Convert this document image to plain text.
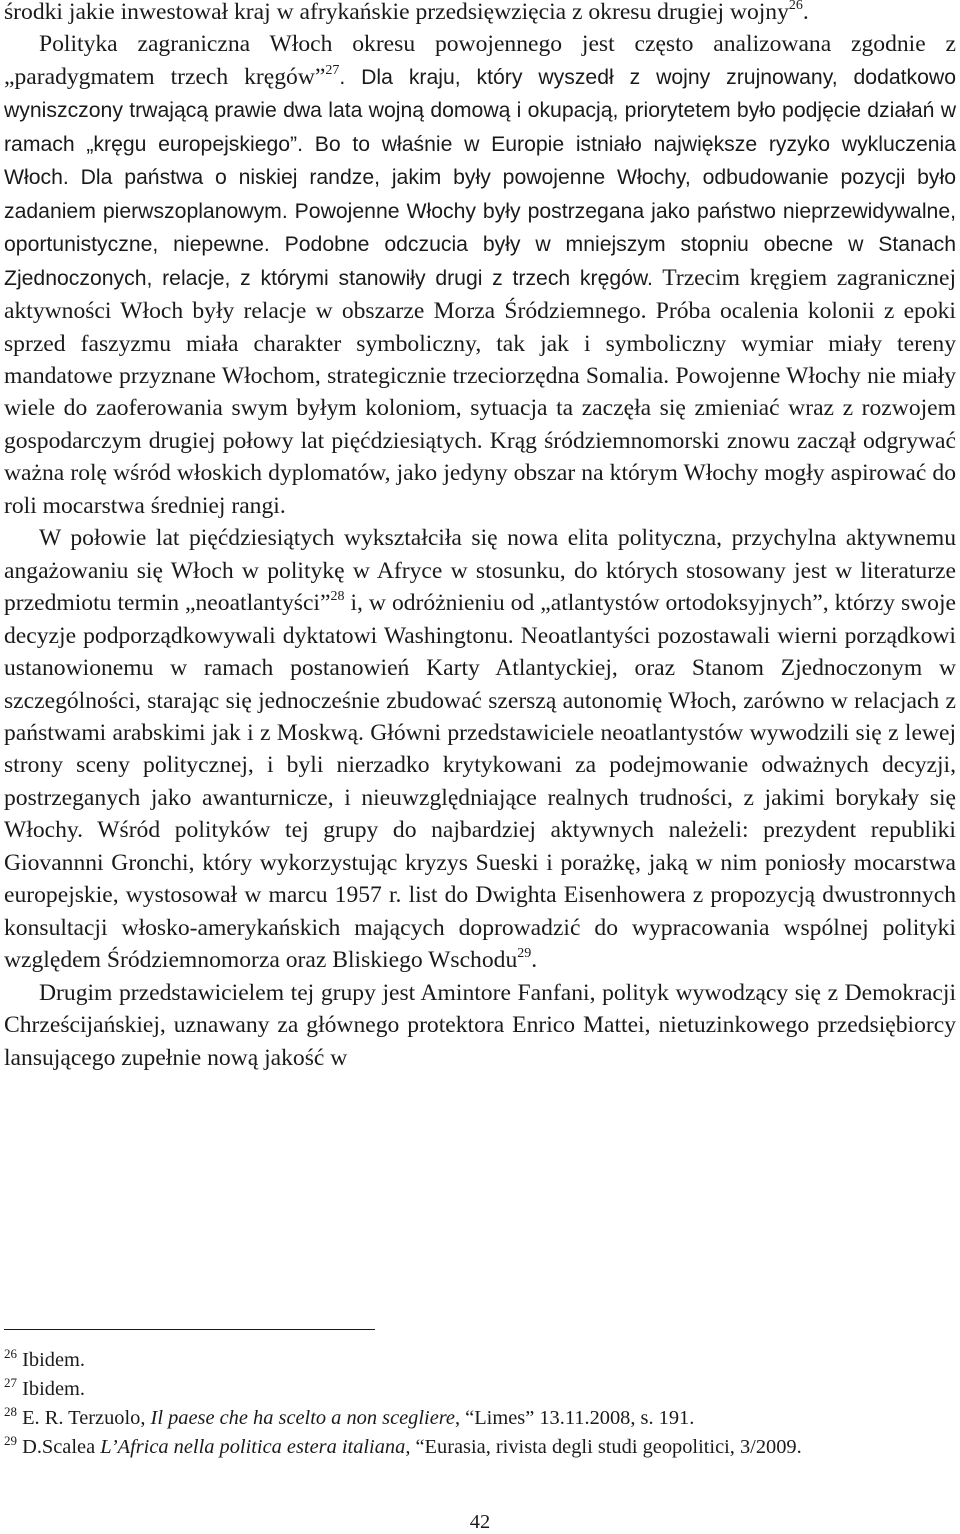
środki jakie inwestował kraj w afrykańskie przedsięwzięcia z okresu drugiej wojny$^{26}$.

Polityka zagraniczna Włoch okresu powojennego jest często analizowana zgodnie z „paradygmatem trzech kręgów”$^{27}$. Dla kraju, który wyszedł z wojny zrujnowany, dodatkowo wyniszczony trwającą prawie dwa lata wojną domową i okupacją, priorytetem było podjęcie działań w ramach „kręgu europejskiego”. Bo to właśnie w Europie istniało największe ryzyko wykluczenia Włoch. Dla państwa o niskiej randze, jakim były powojenne Włochy, odbudowanie pozycji było zadaniem pierwszoplanowym. Powojenne Włochy były postrzegana jako państwo nieprzewidywalne, oportunistyczne, niepewne. Podobne odczucia były w mniejszym stopniu obecne w Stanach Zjednoczonych, relacje, z którymi stanowiły drugi z trzech kręgów. Trzecim kręgiem zagranicznej aktywności Włoch były relacje w obszarze Morza Śródziemnego. Próba ocalenia kolonii z epoki sprzed faszyzmu miała charakter symboliczny, tak jak i symboliczny wymiar miały tereny mandatowe przyznane Włochom, strategicznie trzeciorzędna Somalia. Powojenne Włochy nie miały wiele do zaoferowania swym byłym koloniom, sytuacja ta zaczęła się zmieniać wraz z rozwojem gospodarczym drugiej połowy lat pięćdziesiątych. Krąg śródziemnomorski znowu zaczął odgrywać ważna rolę wśród włoskich dyplomatów, jako jedyny obszar na którym Włochy mogły aspirować do roli mocarstwa średniej rangi.

W połowie lat pięćdziesiątych wykształciła się nowa elita polityczna, przychylna aktywnemu angażowaniu się Włoch w politykę w Afryce w stosunku, do których stosowany jest w literaturze przedmiotu termin „neoatlantyści”$^{28}$ i, w odróżnieniu od „atlantystów ortodoksyjnych”, którzy swoje decyzje podporządkowywali dyktatowi Washingtonu. Neoatlantyści pozostawali wierni porządkowi ustanowionemu w ramach postanowień Karty Atlantyckiej, oraz Stanom Zjednoczonym w szczególności, starając się jednocześnie zbudować szerszą autonomię Włoch, zarówno w relacjach z państwami arabskimi jak i z Moskwą. Główni przedstawiciele neoatlantystów wywodzili się z lewej strony sceny politycznej, i byli nierzadko krytykowani za podejmowanie odważnych decyzji, postrzeganych jako awanturnicze, i nieuwzględniające realnych trudności, z jakimi borykały się Włochy. Wśród polityków tej grupy do najbardziej aktywnych należeli: prezydent republiki Giovannni Gronchi, który wykorzystując kryzys Sueski i porażkę, jaką w nim poniosły mocarstwa europejskie, wystosował w marcu 1957 r. list do Dwighta Eisenhowera z propozycją dwustronnych konsultacji włosko-amerykańskich mających doprowadzić do wypracowania wspólnej polityki względem Śródziemnomorza oraz Bliskiego Wschodu$^{29}$.

Drugim przedstawicielem tej grupy jest Amintore Fanfani, polityk wywodzący się z Demokracji Chrześcijańskiej, uznawany za głównego protektora Enrico Mattei, nietuzinkowego przedsiębiorcy lansującego zupełnie nową jakość w

$^{26}$ Ibidem.

$^{27}$ Ibidem.

$^{28}$ E. R. Terzuolo, Il paese che ha scelto a non scegliere, “Limes” 13.11.2008, s. 191.

$^{29}$ D.Scalea L’Africa nella politica estera italiana, “Eurasia, rivista degli studi geopolitici, 3/2009.

42
